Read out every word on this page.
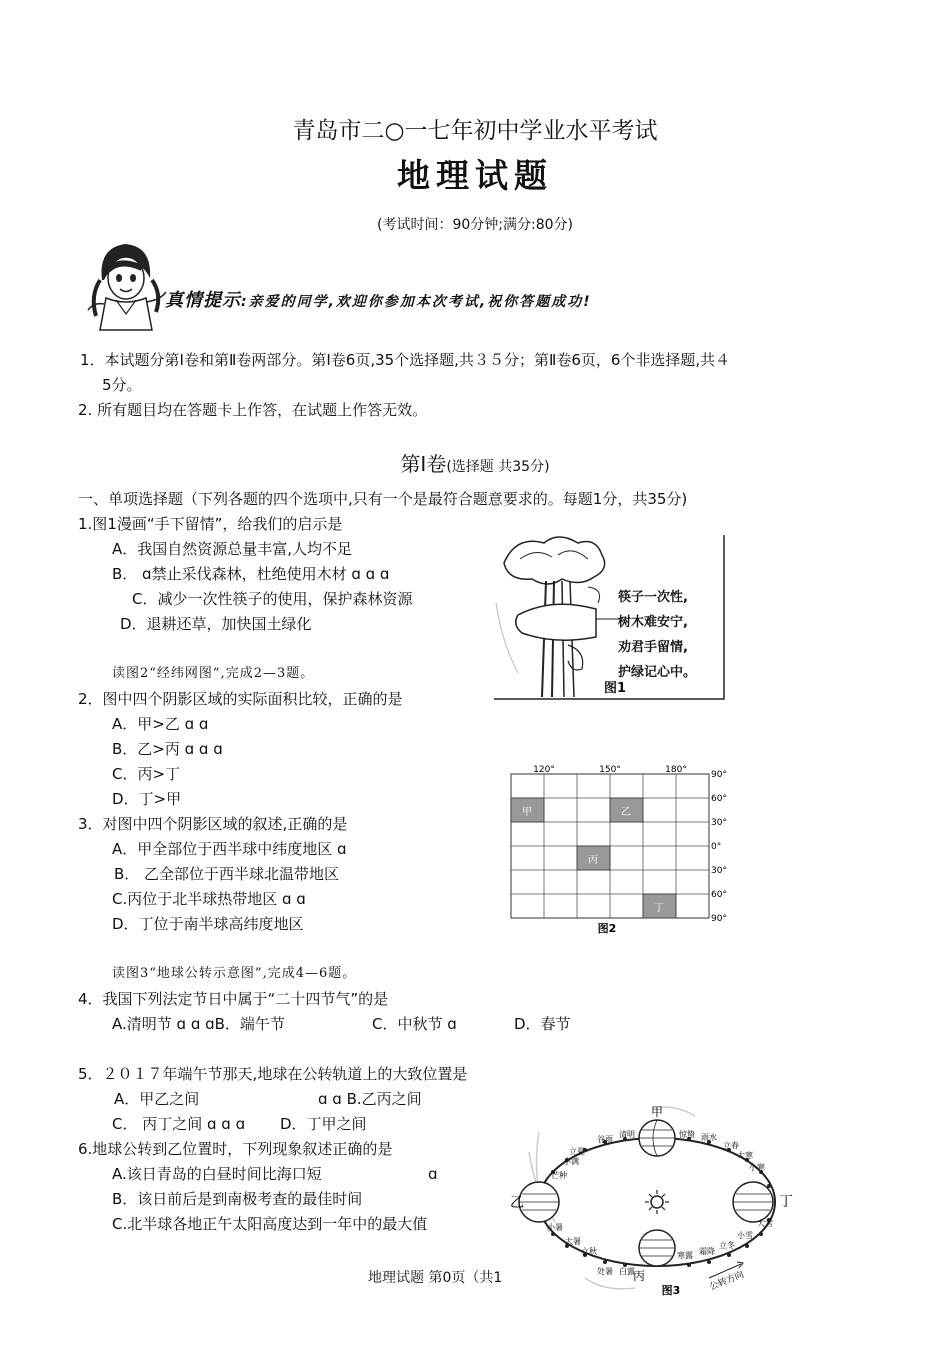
青岛市二○一七年初中学业水平考试
地理试题
(考试时间：90分钟;满分:80分)
真情提示:亲爱的同学,欢迎你参加本次考试,祝你答题成功!
1．本试题分第Ⅰ卷和第Ⅱ卷两部分。第Ⅰ卷6页,35个选择题,共３５分；第Ⅱ卷6页，6个非选择题,共４
5分。
2. 所有题目均在答题卡上作答，在试题上作答无效。
第Ⅰ卷(选择题 共35分)
一、单项选择题（下列各题的四个选项中,只有一个是最符合题意要求的。每题1分，共35分)
1.图1漫画“手下留情”，给我们的启示是
A．我国自然资源总量丰富,人均不足
B． ɑ禁止采伐森林，杜绝使用木材 ɑ ɑ ɑ
C．减少一次性筷子的使用，保护森林资源
D．退耕还草，加快国土绿化
读图2“经纬网图”,完成2—3题。
2．图中四个阴影区域的实际面积比较，正确的是
A．甲>乙 ɑ ɑ
B．乙>丙 ɑ ɑ ɑ
C．丙>丁
D．丁>甲
3．对图中四个阴影区域的叙述,正确的是
A．甲全部位于西半球中纬度地区 ɑ
B． 乙全部位于西半球北温带地区
C.丙位于北半球热带地区 ɑ ɑ
D．丁位于南半球高纬度地区
读图3“地球公转示意图”,完成4—6题。
4．我国下列法定节日中属于“二十四节气”的是
A.清明节 ɑ ɑ ɑB．端午节	C．中秋节 ɑ	D．春节
5．２０１７年端午节那天,地球在公转轨道上的大致位置是
A．甲乙之间	ɑ ɑ B.乙丙之间
C． 丙丁之间 ɑ ɑ ɑ D．丁甲之间
6.地球公转到乙位置时，下列现象叙述正确的是
A.该日青岛的白昼时间比海口短	ɑ
B．该日前后是到南极考查的最佳时间
C.北半球各地正午太阳高度达到一年中的最大值
筷子一次性,
树木难安宁,
劝君手留情,
护绿记心中。
图1
甲	乙
丙
丁
120°	150°	180°	90°
60°
30°
0°
30°
60°
90°
图2
甲
乙
丙
丁
立夏
谷雨
清明	惊蛰 雨水
立春
小满
芒种
小暑
大寒
小寒
大雪
大暑
立秋
处暑 白露
寒露 霜降
立冬
小雪
公转方向
图3
地理试题 第0页（共1
